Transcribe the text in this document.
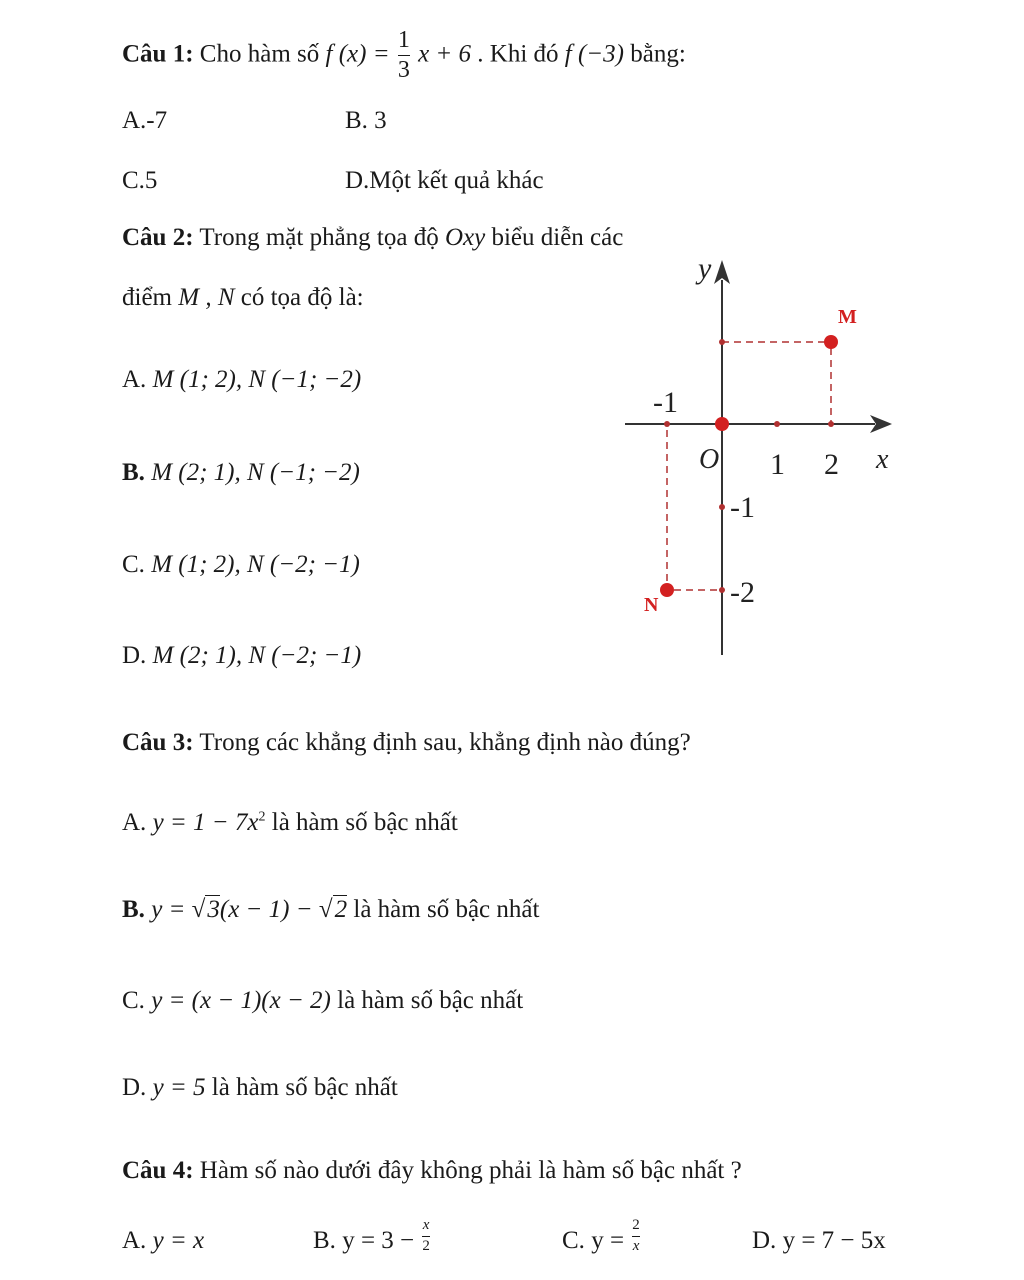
Câu 1: Cho hàm số f $(x) = \frac{1}{3}$ x + 6 . Khi đó f (−3) bằng:
A.-7	B. 3
C.5	D.Một kết quả khác
Câu 2: Trong mặt phẳng tọa độ Oxy biểu diễn các
điểm M , N có tọa độ là:
A. M (1; 2), N (−1; −2)
B. M (2; 1), N (−1; −2)
C. M (1; 2), N (−2; −1)
D. M (2; 1), N (−2; −1)
y
x
O
-1
1 2
-1
-2
M
N
Câu 3: Trong các khẳng định sau, khẳng định nào đúng?
A. $y = 1 - 7x^2$ là hàm số bậc nhất
B. y = √3(x − 1) − √2 là hàm số bậc nhất
C. y = (x − 1)(x − 2) là hàm số bậc nhất
D. y = 5 là hàm số bậc nhất
Câu 4: Hàm số nào dưới đây không phải là hàm số bậc nhất ?
A. y = x	B. $y = 3 - \frac{x}{2}$	C. $y = \frac{2}{x}$	D. y = 7 − 5x
